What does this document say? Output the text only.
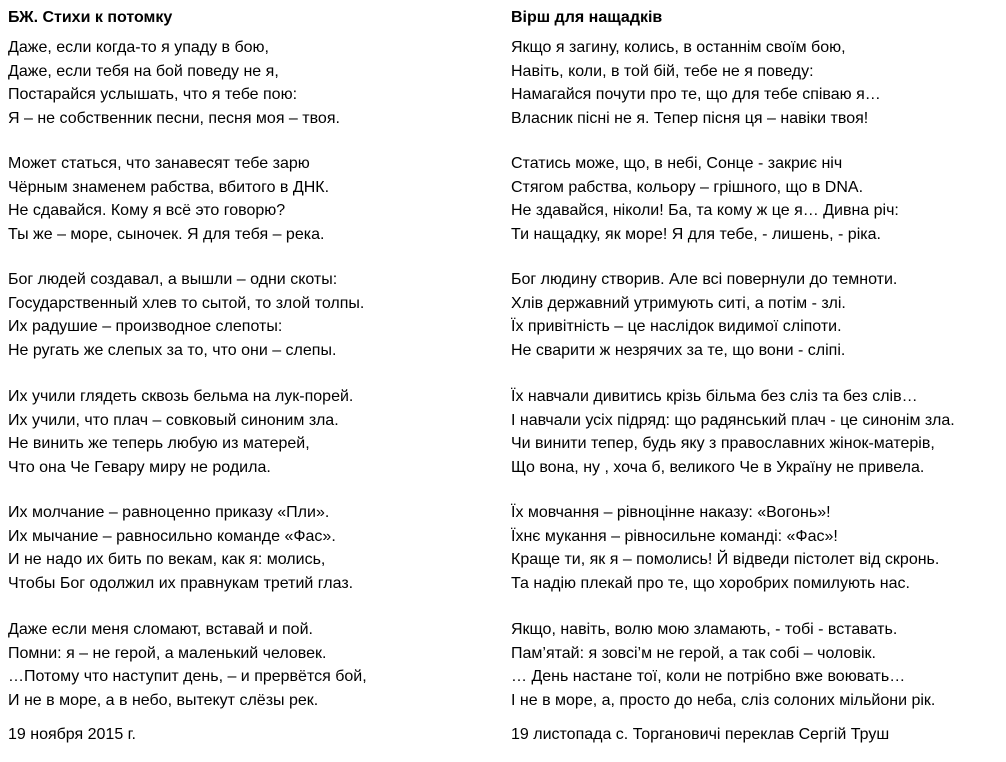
БЖ. Стихи к потомку
Даже, если когда-то я упаду в бою,
Даже, если тебя на бой поведу не я,
Постарайся услышать, что я тебе пою:
Я – не собственник песни, песня моя – твоя.
Может статься, что занавесят тебе зарю
Чёрным знаменем рабства, вбитого в ДНК.
Не сдавайся. Кому я всё это говорю?
Ты же – море, сыночек. Я для тебя – река.
Бог людей создавал, а вышли – одни скоты:
Государственный хлев то сытой, то злой толпы.
Их радушие – производное слепоты:
Не ругать же слепых за то, что они – слепы.
Их учили глядеть сквозь бельма на лук-порей.
Их учили, что плач – совковый синоним зла.
Не винить же теперь любую из матерей,
Что она Че Гевару миру не родила.
Их молчание – равноценно приказу «Пли».
Их мычание – равносильно команде «Фас».
И не надо их бить по векам, как я: молись,
Чтобы Бог одолжил их правнукам третий глаз.
Даже если меня сломают, вставай и пой.
Помни: я – не герой, а маленький человек.
…Потому что наступит день, – и прервётся бой,
И не в море, а в небо, вытекут слёзы рек.
19 ноября 2015 г.
Вірш для нащадків
Якщо я загину, колись, в останнім своїм бою,
Навіть, коли, в той бій, тебе не я поведу:
Намагайся почути про те, що для тебе співаю я…
Власник пісні не я. Тепер пісня ця – навіки твоя!
Статись може, що, в небі, Сонце - закриє ніч
Стягом рабства, кольору – грішного, що в DNA.
Не здавайся, ніколи! Ба, та кому ж це я… Дивна річ:
Ти нащадку, як море! Я для тебе, - лишень, - ріка.
Бог людину створив. Але всі повернули до темноти.
Хлів державний утримують ситі, а потім - злі.
Їх привітність – це наслідок видимої сліпоти.
Не сварити ж незрячих за те, що вони - сліпі.
Їх навчали дивитись крізь більма без сліз та без слів…
І навчали усіх підряд: що радянський плач - це синонім зла.
Чи винити тепер, будь яку з православних жінок-матерів,
Що вона, ну , хоча б, великого Че в Україну не привела.
Їх мовчання – рівноцінне наказу: «Вогонь»!
Їхнє мукання – рівносильне команді: «Фас»!
Краще ти, як я – помолись! Й відведи пістолет від скронь.
Та надію плекай про те, що хоробрих помилують нас.
Якщо, навіть, волю мою зламають, - тобі - вставать.
Пам’ятай: я зовсі’м не герой, а так собі – чоловік.
… День настане тої, коли не потрібно вже воювать…
І не в море, а, просто до неба, сліз солоних мільйони рік.
19 листопада с. Торгановичі переклав Сергій Труш
